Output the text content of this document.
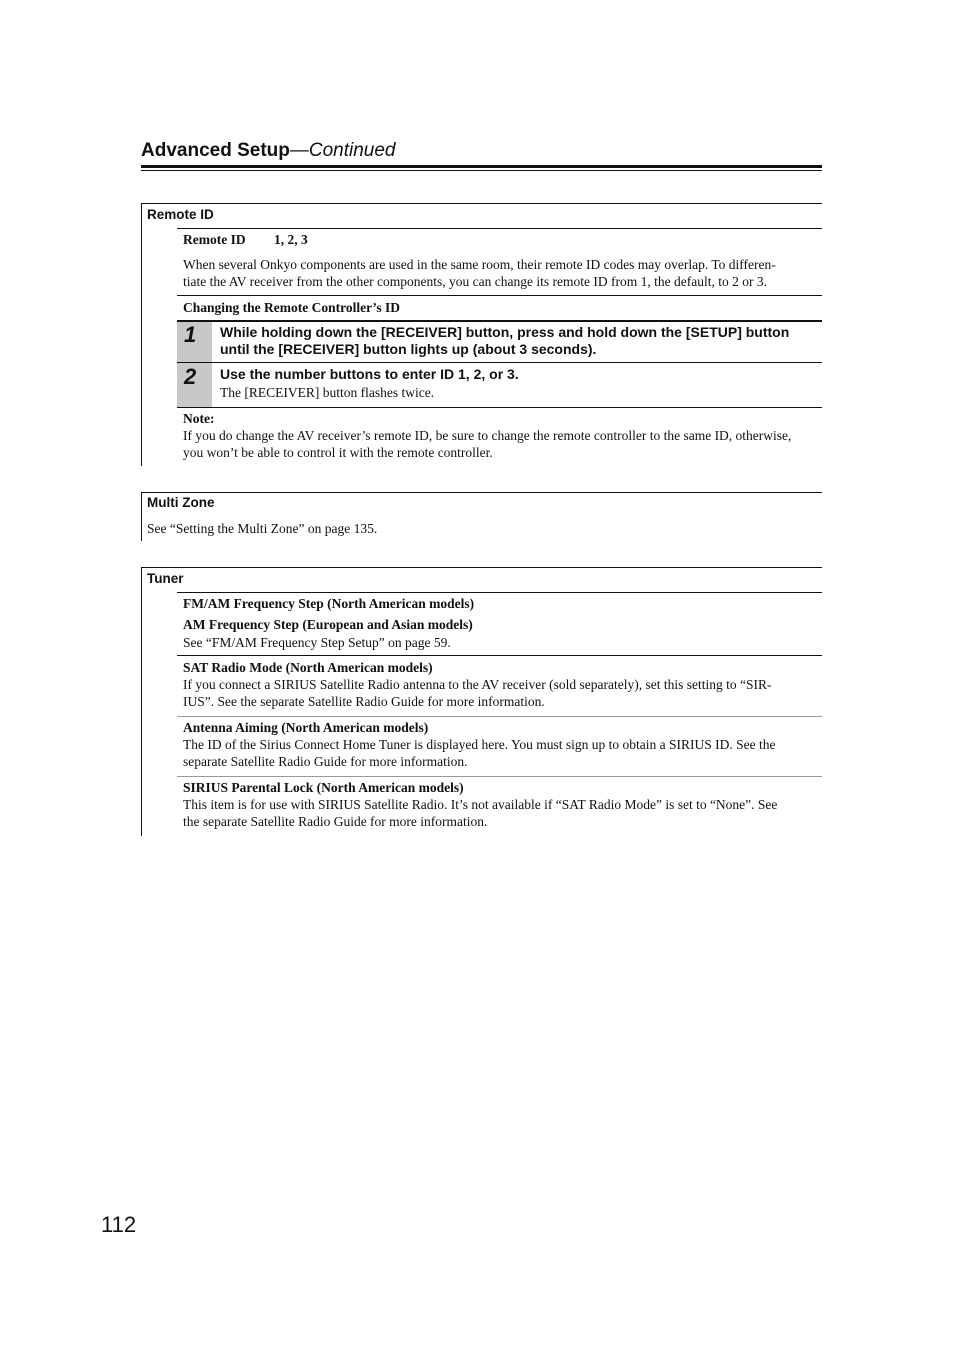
Advanced Setup—Continued
Remote ID
Remote ID 1, 2, 3
When several Onkyo components are used in the same room, their remote ID codes may overlap. To differen-
tiate the AV receiver from the other components, you can change its remote ID from 1, the default, to 2 or 3.
Changing the Remote Controller’s ID
1 While holding down the [RECEIVER] button, press and hold down the [SETUP] button
until the [RECEIVER] button lights up (about 3 seconds).
2 Use the number buttons to enter ID 1, 2, or 3.
The [RECEIVER] button flashes twice.
Note:
If you do change the AV receiver’s remote ID, be sure to change the remote controller to the same ID, otherwise,
you won’t be able to control it with the remote controller.
Multi Zone
See “Setting the Multi Zone” on page 135.
Tuner
FM/AM Frequency Step (North American models)
AM Frequency Step (European and Asian models)
See “FM/AM Frequency Step Setup” on page 59.
SAT Radio Mode (North American models)
If you connect a SIRIUS Satellite Radio antenna to the AV receiver (sold separately), set this setting to “SIR-
IUS”. See the separate Satellite Radio Guide for more information.
Antenna Aiming (North American models)
The ID of the Sirius Connect Home Tuner is displayed here. You must sign up to obtain a SIRIUS ID. See the
separate Satellite Radio Guide for more information.
SIRIUS Parental Lock (North American models)
This item is for use with SIRIUS Satellite Radio. It’s not available if “SAT Radio Mode” is set to “None”. See
the separate Satellite Radio Guide for more information.
112
